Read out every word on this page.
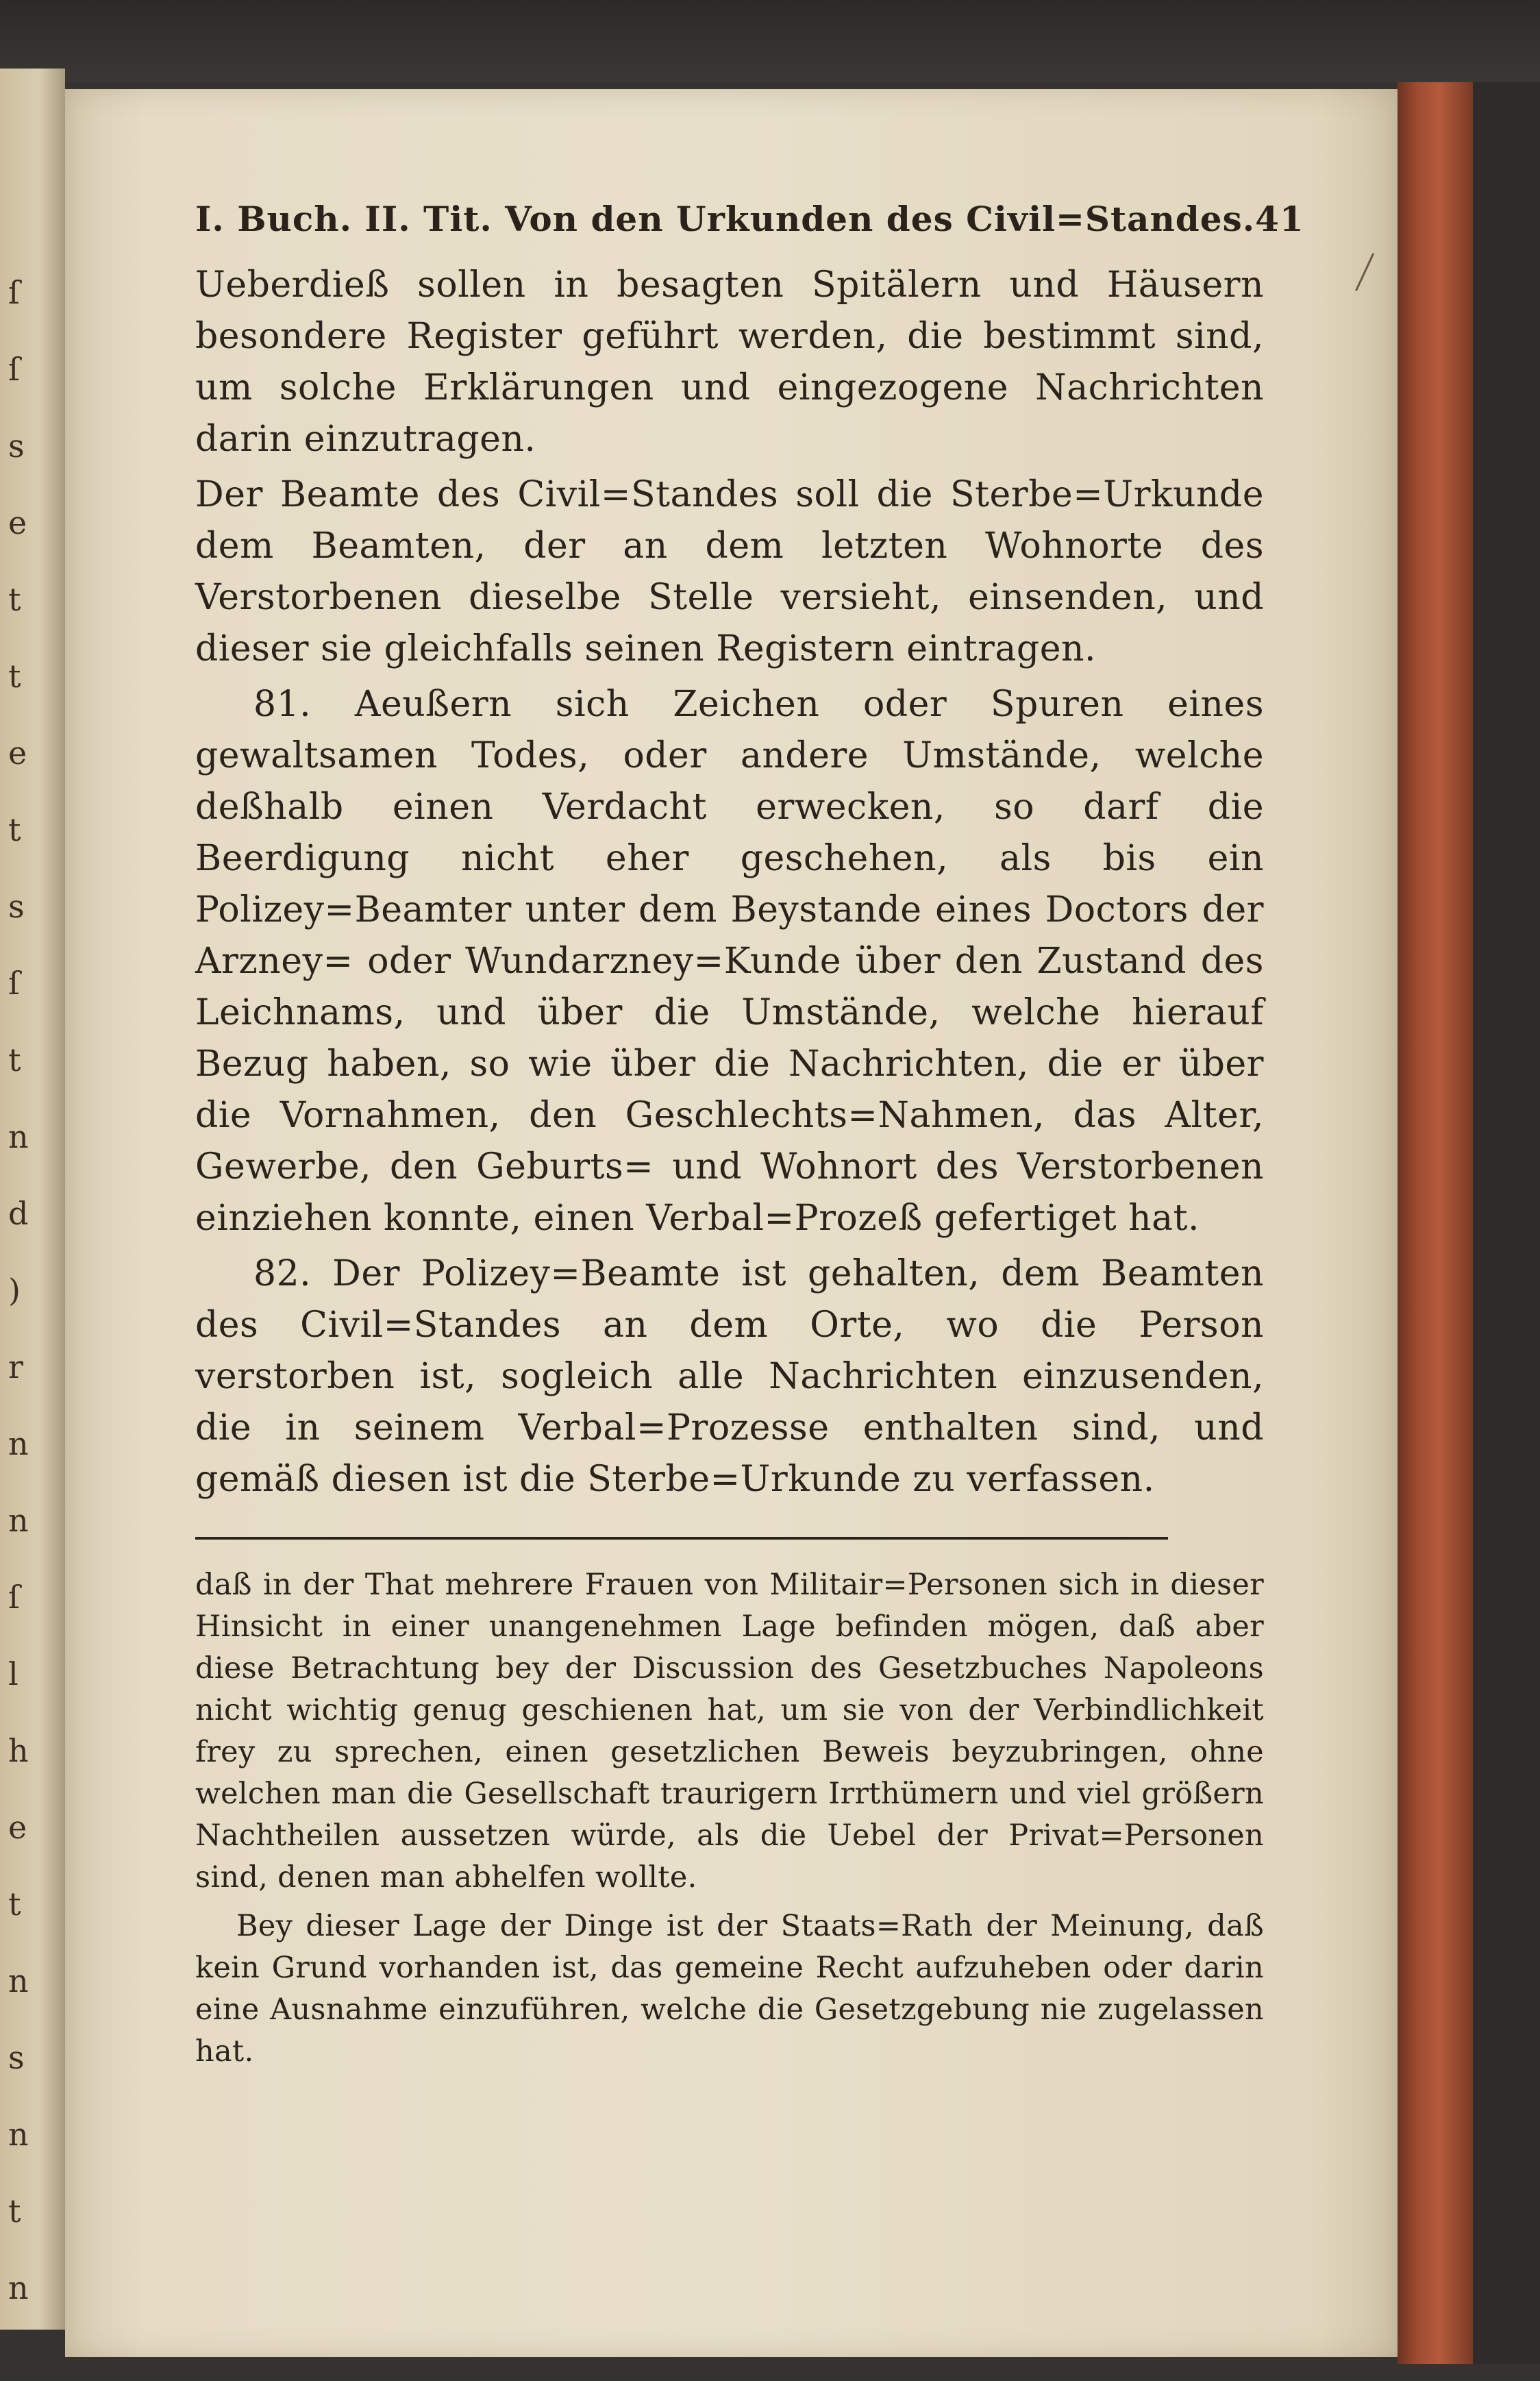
ſ
ſ
s
e
t
t
e
t
s
ſ
t
n
d
)
r
n
n
ſ
l
h
e
t
n
s
n
t
n
I. Buch. II. Tit. Von den Urkunden des Civil=Standes. 41

Ueberdieß sollen in besagten Spitälern und Häusern besondere Register geführt werden, die bestimmt sind, um solche Erklärungen und eingezogene Nachrichten darin einzutragen.

Der Beamte des Civil=Standes soll die Sterbe=Urkunde dem Beamten, der an dem letzten Wohnorte des Verstorbenen dieselbe Stelle versieht, einsenden, und dieser sie gleichfalls seinen Registern eintragen.

81. Aeußern sich Zeichen oder Spuren eines gewaltsamen Todes, oder andere Umstände, welche deßhalb einen Verdacht erwecken, so darf die Beerdigung nicht eher geschehen, als bis ein Polizey=Beamter unter dem Beystande eines Doctors der Arzney= oder Wundarzney=Kunde über den Zustand des Leichnams, und über die Umstände, welche hierauf Bezug haben, so wie über die Nachrichten, die er über die Vornahmen, den Geschlechts=Nahmen, das Alter, Gewerbe, den Geburts= und Wohnort des Verstorbenen einziehen konnte, einen Verbal=Prozeß gefertiget hat.

82. Der Polizey=Beamte ist gehalten, dem Beamten des Civil=Standes an dem Orte, wo die Person verstorben ist, sogleich alle Nachrichten einzusenden, die in seinem Verbal=Prozesse enthalten sind, und gemäß diesen ist die Sterbe=Urkunde zu verfassen.

daß in der That mehrere Frauen von Militair=Personen sich in dieser Hinsicht in einer unangenehmen Lage befinden mögen, daß aber diese Betrachtung bey der Discussion des Gesetzbuches Napoleons nicht wichtig genug geschienen hat, um sie von der Verbindlichkeit frey zu sprechen, einen gesetzlichen Beweis beyzubringen, ohne welchen man die Gesellschaft traurigern Irrthümern und viel größern Nachtheilen aussetzen würde, als die Uebel der Privat=Personen sind, denen man abhelfen wollte.

Bey dieser Lage der Dinge ist der Staats=Rath der Meinung, daß kein Grund vorhanden ist, das gemeine Recht aufzuheben oder darin eine Ausnahme einzuführen, welche die Gesetzgebung nie zugelassen hat.
